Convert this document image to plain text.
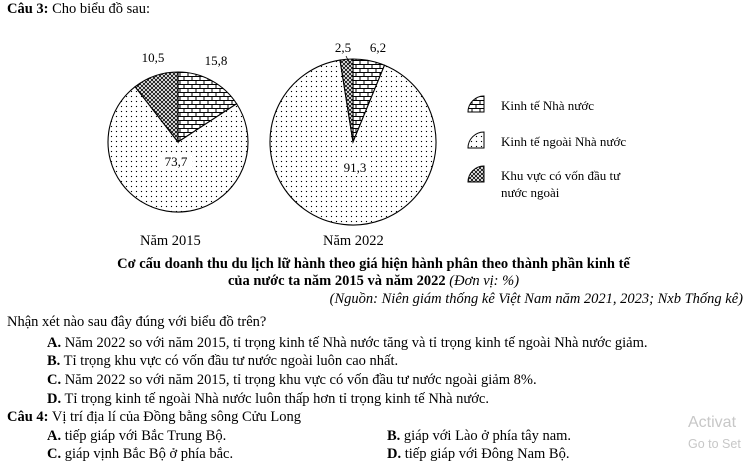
Câu 3: Cho biểu đồ sau:
15,8
73,7
10,5
6,2
91,3
2,5
Kinh tế Nhà nước
Kinh tế ngoài Nhà nước
Khu vực có vốn đầu tư
nước ngoài
Năm 2015	Năm 2022
Cơ cấu doanh thu du lịch lữ hành theo giá hiện hành phân theo thành phần kinh tế
của nước ta năm 2015 và năm 2022 (Đơn vị: %)
(Nguồn: Niên giám thống kê Việt Nam năm 2021, 2023; Nxb Thống kê)
Nhận xét nào sau đây đúng với biểu đồ trên?
A. Năm 2022 so với năm 2015, tỉ trọng kinh tế Nhà nước tăng và tỉ trọng kinh tế ngoài Nhà nước giảm.
B. Tỉ trọng khu vực có vốn đầu tư nước ngoài luôn cao nhất.
C. Năm 2022 so với năm 2015, tỉ trọng khu vực có vốn đầu tư nước ngoài giảm 8%.
D. Tỉ trọng kinh tế ngoài Nhà nước luôn thấp hơn tỉ trọng kinh tế Nhà nước.
Câu 4: Vị trí địa lí của Đồng bằng sông Cửu Long
A. tiếp giáp với Bắc Trung Bộ.	B. giáp với Lào ở phía tây nam.
C. giáp vịnh Bắc Bộ ở phía bắc.	D. tiếp giáp với Đông Nam Bộ.
Activat
Go to Set
